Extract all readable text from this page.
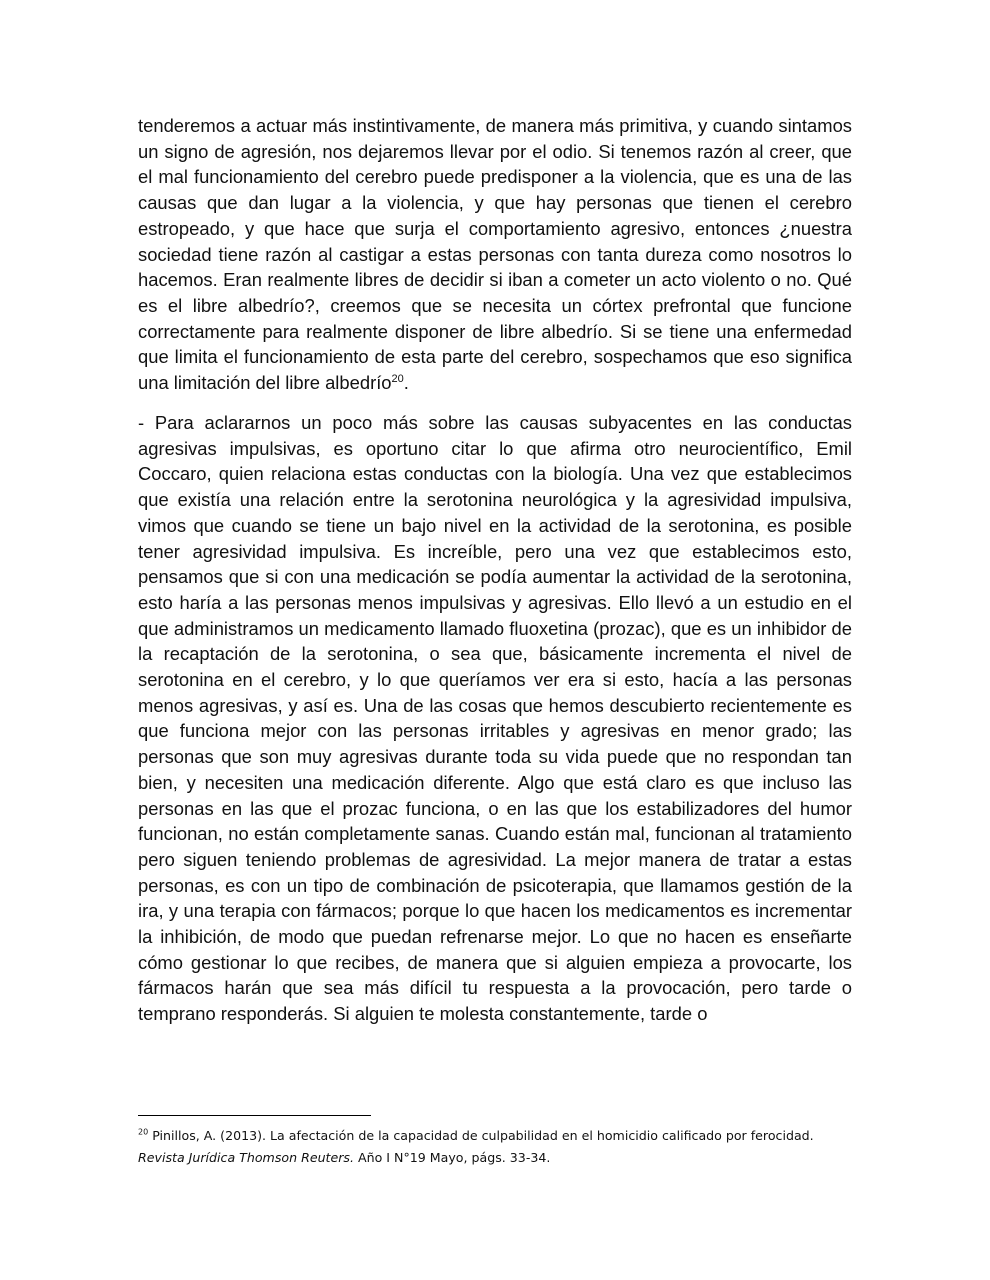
tenderemos a actuar más instintivamente, de manera más primitiva, y cuando sintamos un signo de agresión, nos dejaremos llevar por el odio. Si tenemos razón al creer, que el mal funcionamiento del cerebro puede predisponer a la violencia, que es una de las causas que dan lugar a la violencia, y que hay personas que tienen el cerebro estropeado, y que hace que surja el comportamiento agresivo, entonces ¿nuestra sociedad tiene razón al castigar a estas personas con tanta dureza como nosotros lo hacemos. Eran realmente libres de decidir si iban a cometer un acto violento o no. Qué es el libre albedrío?, creemos que se necesita un córtex prefrontal que funcione correctamente para realmente disponer de libre albedrío. Si se tiene una enfermedad que limita el funcionamiento de esta parte del cerebro, sospechamos que eso significa una limitación del libre albedrío$^{20}$.

- Para aclararnos un poco más sobre las causas subyacentes en las conductas agresivas impulsivas, es oportuno citar lo que afirma otro neurocientífico, Emil Coccaro, quien relaciona estas conductas con la biología. Una vez que establecimos que existía una relación entre la serotonina neurológica y la agresividad impulsiva, vimos que cuando se tiene un bajo nivel en la actividad de la serotonina, es posible tener agresividad impulsiva. Es increíble, pero una vez que establecimos esto, pensamos que si con una medicación se podía aumentar la actividad de la serotonina, esto haría a las personas menos impulsivas y agresivas. Ello llevó a un estudio en el que administramos un medicamento llamado fluoxetina (prozac), que es un inhibidor de la recaptación de la serotonina, o sea que, básicamente incrementa el nivel de serotonina en el cerebro, y lo que queríamos ver era si esto, hacía a las personas menos agresivas, y así es. Una de las cosas que hemos descubierto recientemente es que funciona mejor con las personas irritables y agresivas en menor grado; las personas que son muy agresivas durante toda su vida puede que no respondan tan bien, y necesiten una medicación diferente. Algo que está claro es que incluso las personas en las que el prozac funciona, o en las que los estabilizadores del humor funcionan, no están completamente sanas. Cuando están mal, funcionan al tratamiento pero siguen teniendo problemas de agresividad. La mejor manera de tratar a estas personas, es con un tipo de combinación de psicoterapia, que llamamos gestión de la ira, y una terapia con fármacos; porque lo que hacen los medicamentos es incrementar la inhibición, de modo que puedan refrenarse mejor. Lo que no hacen es enseñarte cómo gestionar lo que recibes, de manera que si alguien empieza a provocarte, los fármacos harán que sea más difícil tu respuesta a la provocación, pero tarde o temprano responderás. Si alguien te molesta constantemente, tarde o

$^{20}$ Pinillos, A. (2013). La afectación de la capacidad de culpabilidad en el homicidio calificado por ferocidad.
Revista Jurídica Thomson Reuters. Año I N°19 Mayo, págs. 33-34.
